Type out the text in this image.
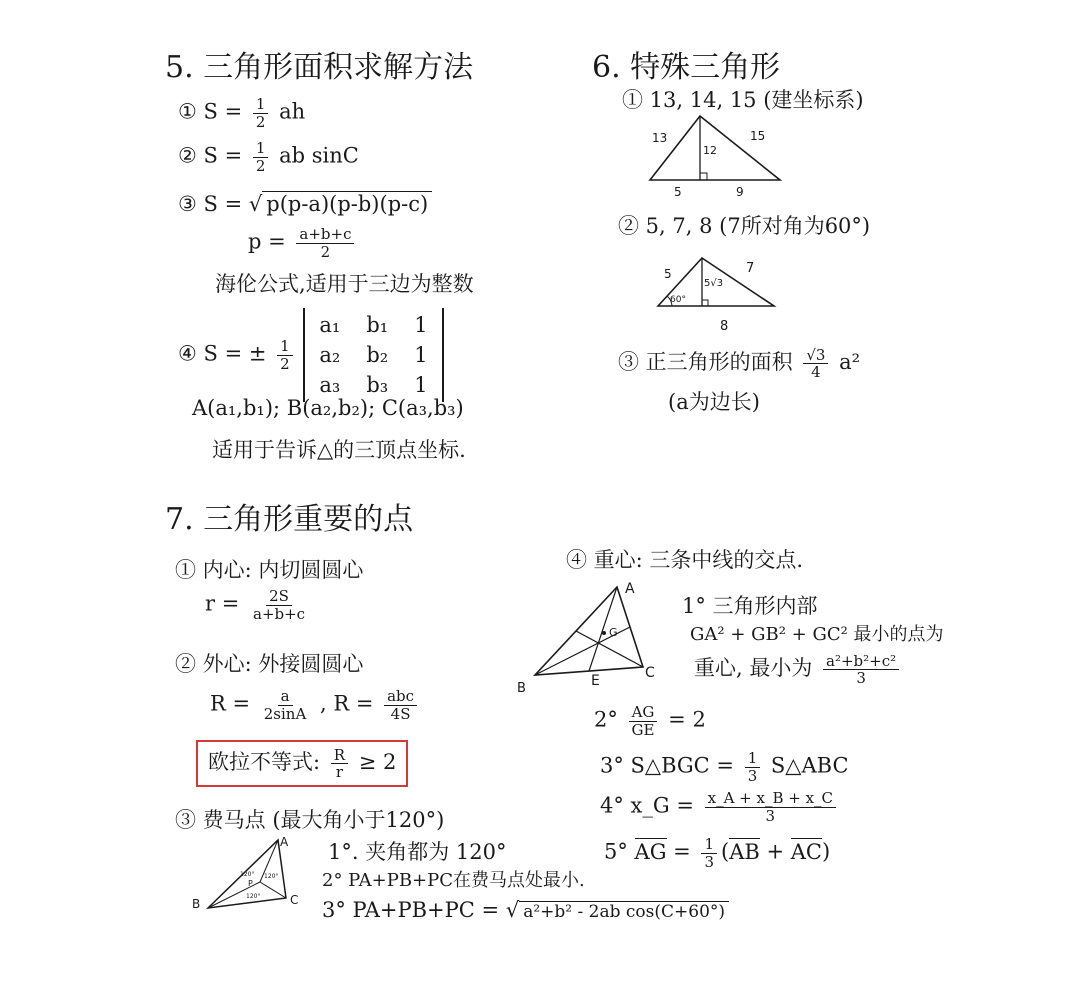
5. 三角形面积求解方法
① $S = \frac{1}{2}$ ah
② $S = \frac{1}{2}$ ab sinC
③ S = √ p(p-a)(p-b)(p-c)
$p = \frac{a+b+c}{2}$
海伦公式,适用于三边为整数
④ S = ± $\frac{1}{2}$

a₁ b₁ 1
a₂ b₂ 1
a₃ b₃ 1
A(a₁,b₁); B(a₂,b₂); C(a₃,b₃)
适用于告诉△的三顶点坐标.
6. 特殊三角形
① 13, 14, 15 (建坐标系)
13	15
12
5	9
② 5, 7, 8 (7所对角为60°)
5	7
5√3
60°
8
③ 正三角形的面积 $\frac{√3}{4} a^2$
(a为边长)
7. 三角形重要的点
① 内心: 内切圆圆心
$r = \frac{2S}{a+b+c}$
② 外心: 外接圆圆心
$R = \frac{a}{2\sin A}$ , $R = \frac{\text{abc}}{4S}$
欧拉不等式: $\frac{R}{r} \ge 2$
③ 费马点 (最大角小于120°)
A
B	C
P
120° 120°
120°
1°. 夹角都为 120°
2° PA+PB+PC在费马点处最小.
3° PA+PB+PC = √ a²+b² - 2ab cos(C+60°)
④ 重心: 三条中线的交点.
A
B
C
E
G
1° 三角形内部
GA² + GB² + GC² 最小的点为
重心, 最小为 $\frac{\text{a²+b²+c²}}{3}$
$2^\circ \frac{AG}{GE} = 2$
3° S△BGC = $\frac{1}{3}$ S△ABC
4° x_G = $\frac{x\_A + x\_B + x\_C}{3}$
5° AG = $\frac{1}{3} (AB + AC)$
